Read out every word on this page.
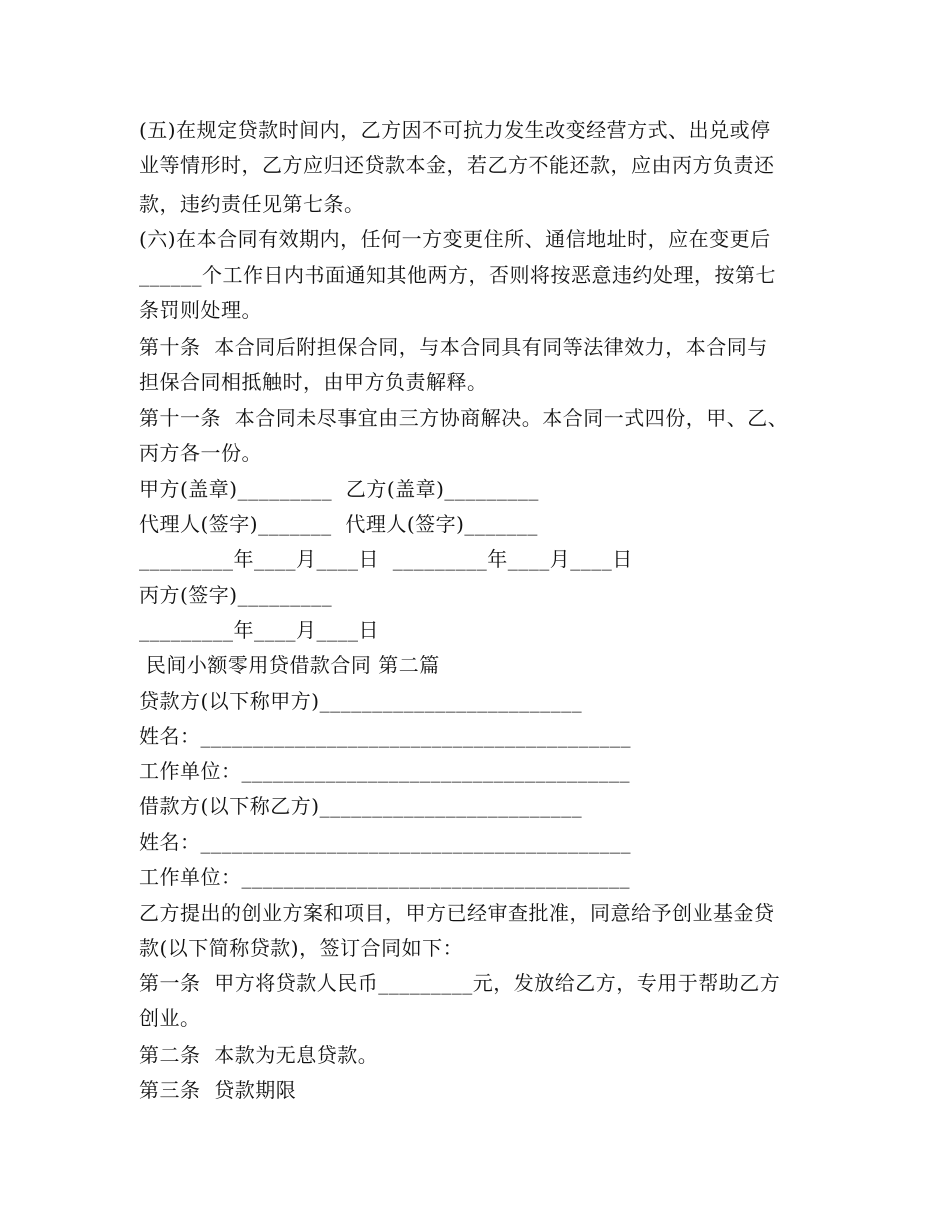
(五)在规定贷款时间内，乙方因不可抗力发生改变经营方式、出兑或停
业等情形时，乙方应归还贷款本金，若乙方不能还款，应由丙方负责还
款，违约责任见第七条。
(六)在本合同有效期内，任何一方变更住所、通信地址时，应在变更后
______个工作日内书面通知其他两方，否则将按恶意违约处理，按第七
条罚则处理。
第十条  本合同后附担保合同，与本合同具有同等法律效力，本合同与
担保合同相抵触时，由甲方负责解释。
第十一条  本合同未尽事宜由三方协商解决。本合同一式四份，甲、乙、
丙方各一份。
甲方(盖章)_________  乙方(盖章)_________
代理人(签字)_______  代理人(签字)_______
_________年____月____日  _________年____月____日
丙方(签字)_________
_________年____月____日
民间小额零用贷借款合同 第二篇
贷款方(以下称甲方)_________________________
姓名：_________________________________________
工作单位：_____________________________________
借款方(以下称乙方)_________________________
姓名：_________________________________________
工作单位：_____________________________________
乙方提出的创业方案和项目，甲方已经审查批准，同意给予创业基金贷
款(以下简称贷款)，签订合同如下：
第一条  甲方将贷款人民币_________元，发放给乙方，专用于帮助乙方
创业。
第二条  本款为无息贷款。
第三条  贷款期限
